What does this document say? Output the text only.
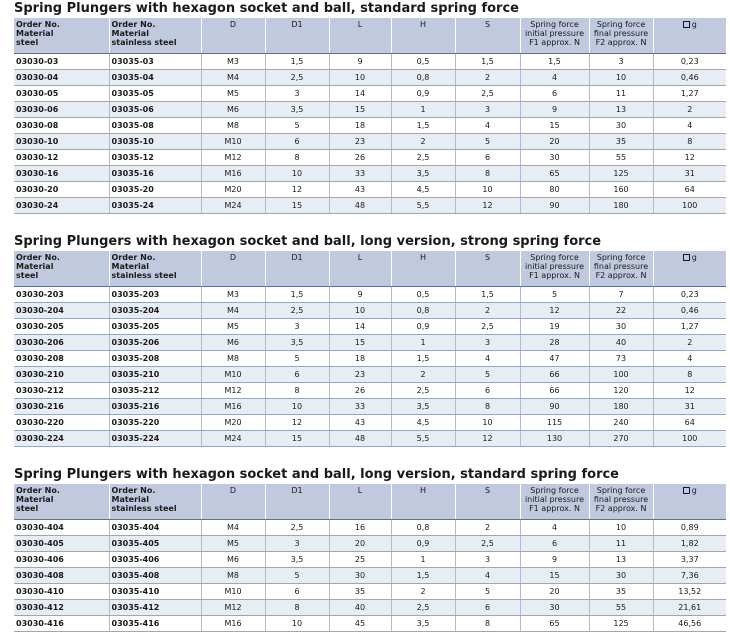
Spring Plungers with hexagon socket and ball, standard spring force
Order No.
Material
steel	Order No.
Material
stainless steel	D	D1	L	H	S	Spring force
initial pressure
F1 approx. N	Spring force
final pressure
F2 approx. N	g
03030-03	03035-03	M3	1,5	9	0,5	1,5	1,5	3	0,23
03030-04	03035-04	M4	2,5	10	0,8	2	4	10	0,46
03030-05	03035-05	M5	3	14	0,9	2,5	6	11	1,27
03030-06	03035-06	M6	3,5	15	1	3	9	13	2
03030-08	03035-08	M8	5	18	1,5	4	15	30	4
03030-10	03035-10	M10	6	23	2	5	20	35	8
03030-12	03035-12	M12	8	26	2,5	6	30	55	12
03030-16	03035-16	M16	10	33	3,5	8	65	125	31
03030-20	03035-20	M20	12	43	4,5	10	80	160	64
03030-24	03035-24	M24	15	48	5,5	12	90	180	100
Spring Plungers with hexagon socket and ball, long version, strong spring force
Order No.
Material
steel	Order No.
Material
stainless steel	D	D1	L	H	S	Spring force
initial pressure
F1 approx. N	Spring force
final pressure
F2 approx. N	g
03030-203	03035-203	M3	1,5	9	0,5	1,5	5	7	0,23
03030-204	03035-204	M4	2,5	10	0,8	2	12	22	0,46
03030-205	03035-205	M5	3	14	0,9	2,5	19	30	1,27
03030-206	03035-206	M6	3,5	15	1	3	28	40	2
03030-208	03035-208	M8	5	18	1,5	4	47	73	4
03030-210	03035-210	M10	6	23	2	5	66	100	8
03030-212	03035-212	M12	8	26	2,5	6	66	120	12
03030-216	03035-216	M16	10	33	3,5	8	90	180	31
03030-220	03035-220	M20	12	43	4,5	10	115	240	64
03030-224	03035-224	M24	15	48	5,5	12	130	270	100
Spring Plungers with hexagon socket and ball, long version, standard spring force
Order No.
Material
steel	Order No.
Material
stainless steel	D	D1	L	H	S	Spring force
initial pressure
F1 approx. N	Spring force
final pressure
F2 approx. N	g
03030-404	03035-404	M4	2,5	16	0,8	2	4	10	0,89
03030-405	03035-405	M5	3	20	0,9	2,5	6	11	1,82
03030-406	03035-406	M6	3,5	25	1	3	9	13	3,37
03030-408	03035-408	M8	5	30	1,5	4	15	30	7,36
03030-410	03035-410	M10	6	35	2	5	20	35	13,52
03030-412	03035-412	M12	8	40	2,5	6	30	55	21,61
03030-416	03035-416	M16	10	45	3,5	8	65	125	46,56
